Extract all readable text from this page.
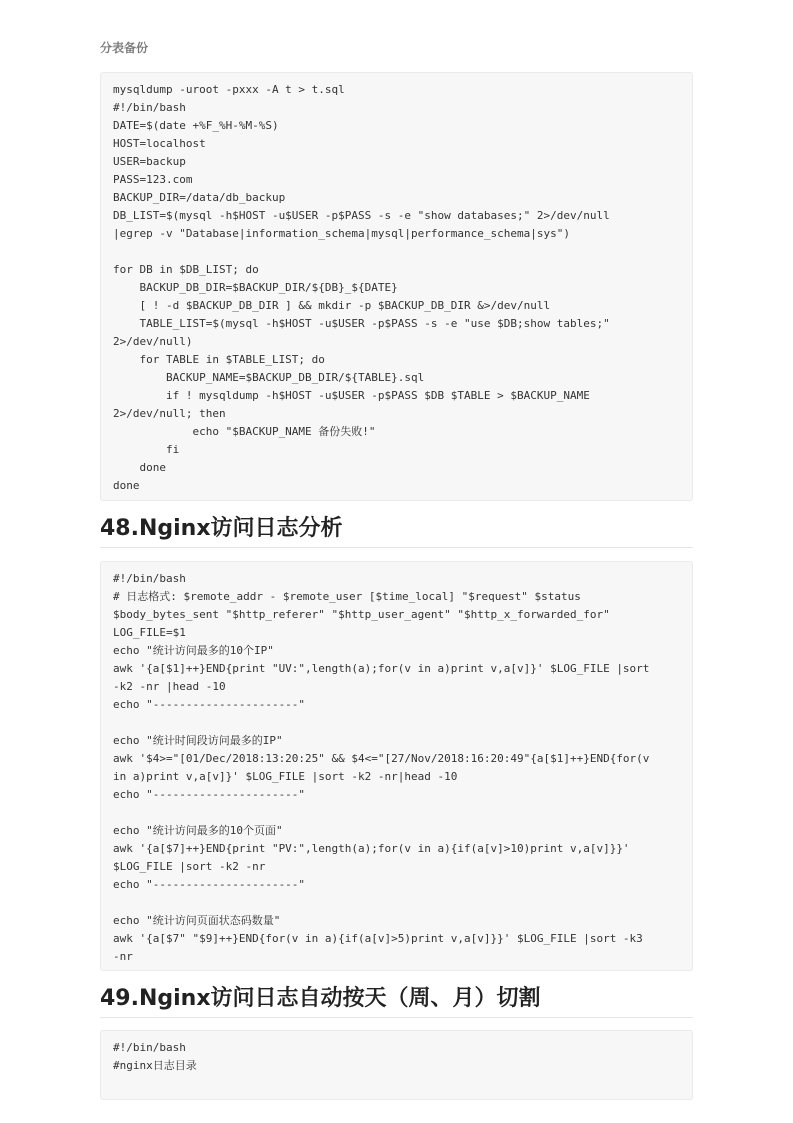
分表备份
mysqldump -uroot -pxxx -A t > t.sql
#!/bin/bash
DATE=$(date +%F_%H-%M-%S)
HOST=localhost
USER=backup
PASS=123.com
BACKUP_DIR=/data/db_backup
DB_LIST=$(mysql -h$HOST -u$USER -p$PASS -s -e "show databases;" 2>/dev/null
|egrep -v "Database|information_schema|mysql|performance_schema|sys")
for DB in $DB_LIST; do
BACKUP_DB_DIR=$BACKUP_DIR/${DB}_${DATE}
[ ! -d $BACKUP_DB_DIR ] && mkdir -p $BACKUP_DB_DIR &>/dev/null
TABLE_LIST=$(mysql -h$HOST -u$USER -p$PASS -s -e "use $DB;show tables;"
2>/dev/null)
for TABLE in $TABLE_LIST; do
BACKUP_NAME=$BACKUP_DB_DIR/${TABLE}.sql
if ! mysqldump -h$HOST -u$USER -p$PASS $DB $TABLE > $BACKUP_NAME
2>/dev/null; then
echo "$BACKUP_NAME 备份失败!"
fi
done
done
48.Nginx访问日志分析
#!/bin/bash
# 日志格式: $remote_addr - $remote_user [$time_local] "$request" $status
$body_bytes_sent "$http_referer" "$http_user_agent" "$http_x_forwarded_for"
LOG_FILE=$1
echo "统计访问最多的10个IP"
awk '{a[$1]++}END{print "UV:",length(a);for(v in a)print v,a[v]}' $LOG_FILE |sort
-k2 -nr |head -10
echo "----------------------"
echo "统计时间段访问最多的IP"
awk '$4>="[01/Dec/2018:13:20:25" && $4<="[27/Nov/2018:16:20:49"{a[$1]++}END{for(v
in a)print v,a[v]}' $LOG_FILE |sort -k2 -nr|head -10
echo "----------------------"
echo "统计访问最多的10个页面"
awk '{a[$7]++}END{print "PV:",length(a);for(v in a){if(a[v]>10)print v,a[v]}}'
$LOG_FILE |sort -k2 -nr
echo "----------------------"
echo "统计访问页面状态码数量"
awk '{a[$7" "$9]++}END{for(v in a){if(a[v]>5)print v,a[v]}}' $LOG_FILE |sort -k3
-nr
49.Nginx访问日志自动按天（周、月）切割
#!/bin/bash
#nginx日志目录
